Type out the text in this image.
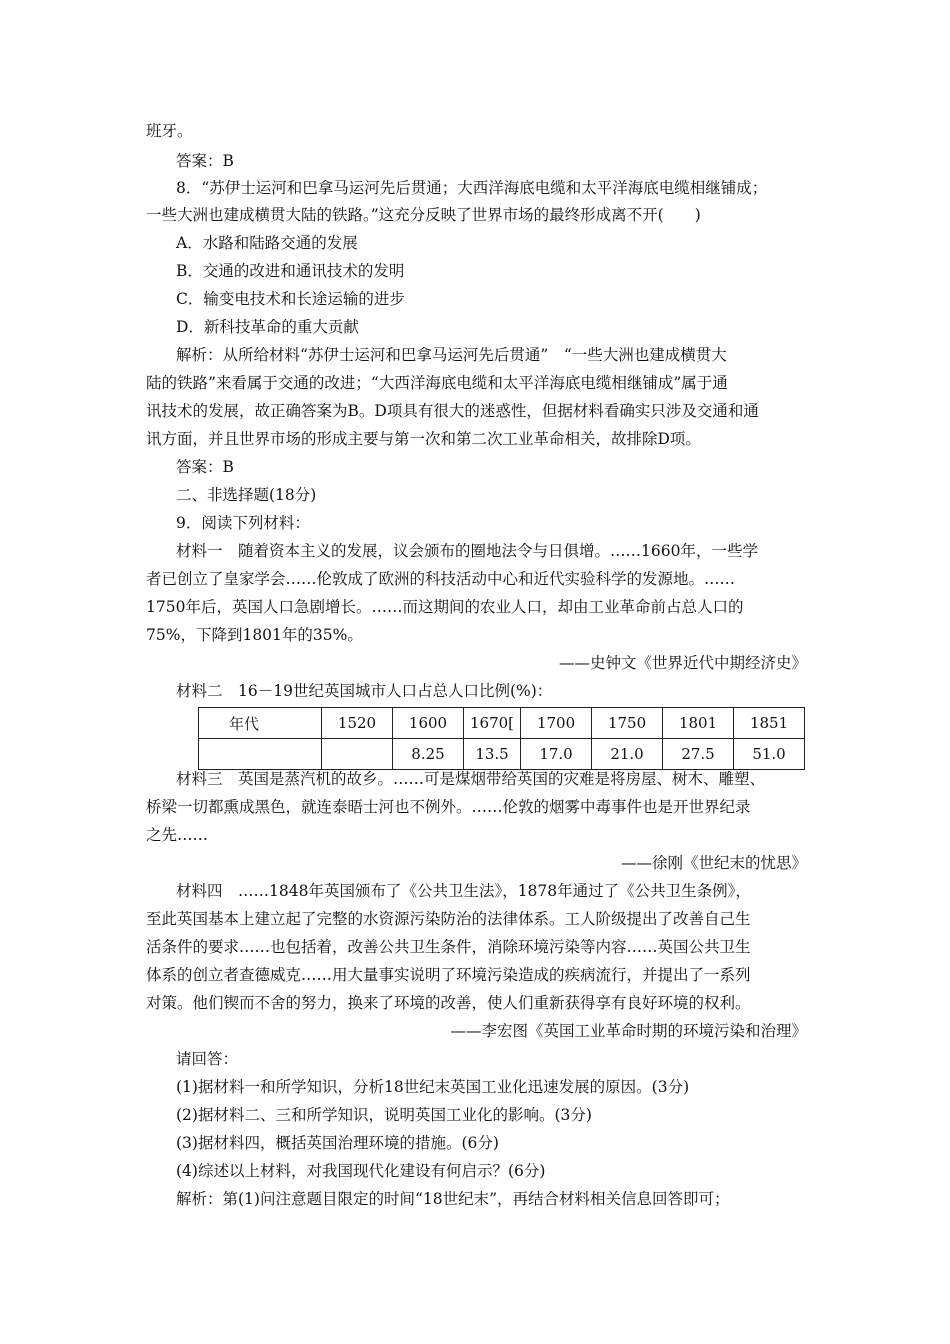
班牙。
答案：B
8．“苏伊士运河和巴拿马运河先后贯通；大西洋海底电缆和太平洋海底电缆相继铺成；
一些大洲也建成横贯大陆的铁路。”这充分反映了世界市场的最终形成离不开(　　)
A．水路和陆路交通的发展
B．交通的改进和通讯技术的发明
C．输变电技术和长途运输的进步
D．新科技革命的重大贡献
解析：从所给材料“苏伊士运河和巴拿马运河先后贯通”　“一些大洲也建成横贯大
陆的铁路”来看属于交通的改进；“大西洋海底电缆和太平洋海底电缆相继铺成”属于通
讯技术的发展，故正确答案为B。D项具有很大的迷惑性，但据材料看确实只涉及交通和通
讯方面，并且世界市场的形成主要与第一次和第二次工业革命相关，故排除D项。
答案：B
二、非选择题(18分)
9．阅读下列材料：
材料一　随着资本主义的发展，议会颁布的圈地法令与日俱增。……1660年，一些学
者已创立了皇家学会……伦敦成了欧洲的科技活动中心和近代实验科学的发源地。……
1750年后，英国人口急剧增长。……而这期间的农业人口，却由工业革命前占总人口的
75%，下降到1801年的35%。
——史钟文《世界近代中期经济史》
材料二　16－19世纪英国城市人口占总人口比例(%)：
年代	1520	1600	1670[	1700	1750	1801	1851
		8.25	13.5	17.0	21.0	27.5	51.0
材料三　英国是蒸汽机的故乡。……可是煤烟带给英国的灾难是将房屋、树木、雕塑、
桥梁一切都熏成黑色，就连泰晤士河也不例外。……伦敦的烟雾中毒事件也是开世界纪录
之先……
——徐刚《世纪末的忧思》
材料四　……1848年英国颁布了《公共卫生法》，1878年通过了《公共卫生条例》，
至此英国基本上建立起了完整的水资源污染防治的法律体系。工人阶级提出了改善自己生
活条件的要求……也包括着，改善公共卫生条件，消除环境污染等内容……英国公共卫生
体系的创立者查德威克……用大量事实说明了环境污染造成的疾病流行，并提出了一系列
对策。他们锲而不舍的努力，换来了环境的改善，使人们重新获得享有良好环境的权利。
——李宏图《英国工业革命时期的环境污染和治理》
请回答：
(1)据材料一和所学知识，分析18世纪末英国工业化迅速发展的原因。(3分)
(2)据材料二、三和所学知识，说明英国工业化的影响。(3分)
(3)据材料四，概括英国治理环境的措施。(6分)
(4)综述以上材料，对我国现代化建设有何启示？(6分)
解析：第(1)问注意题目限定的时间“18世纪末”，再结合材料相关信息回答即可；
